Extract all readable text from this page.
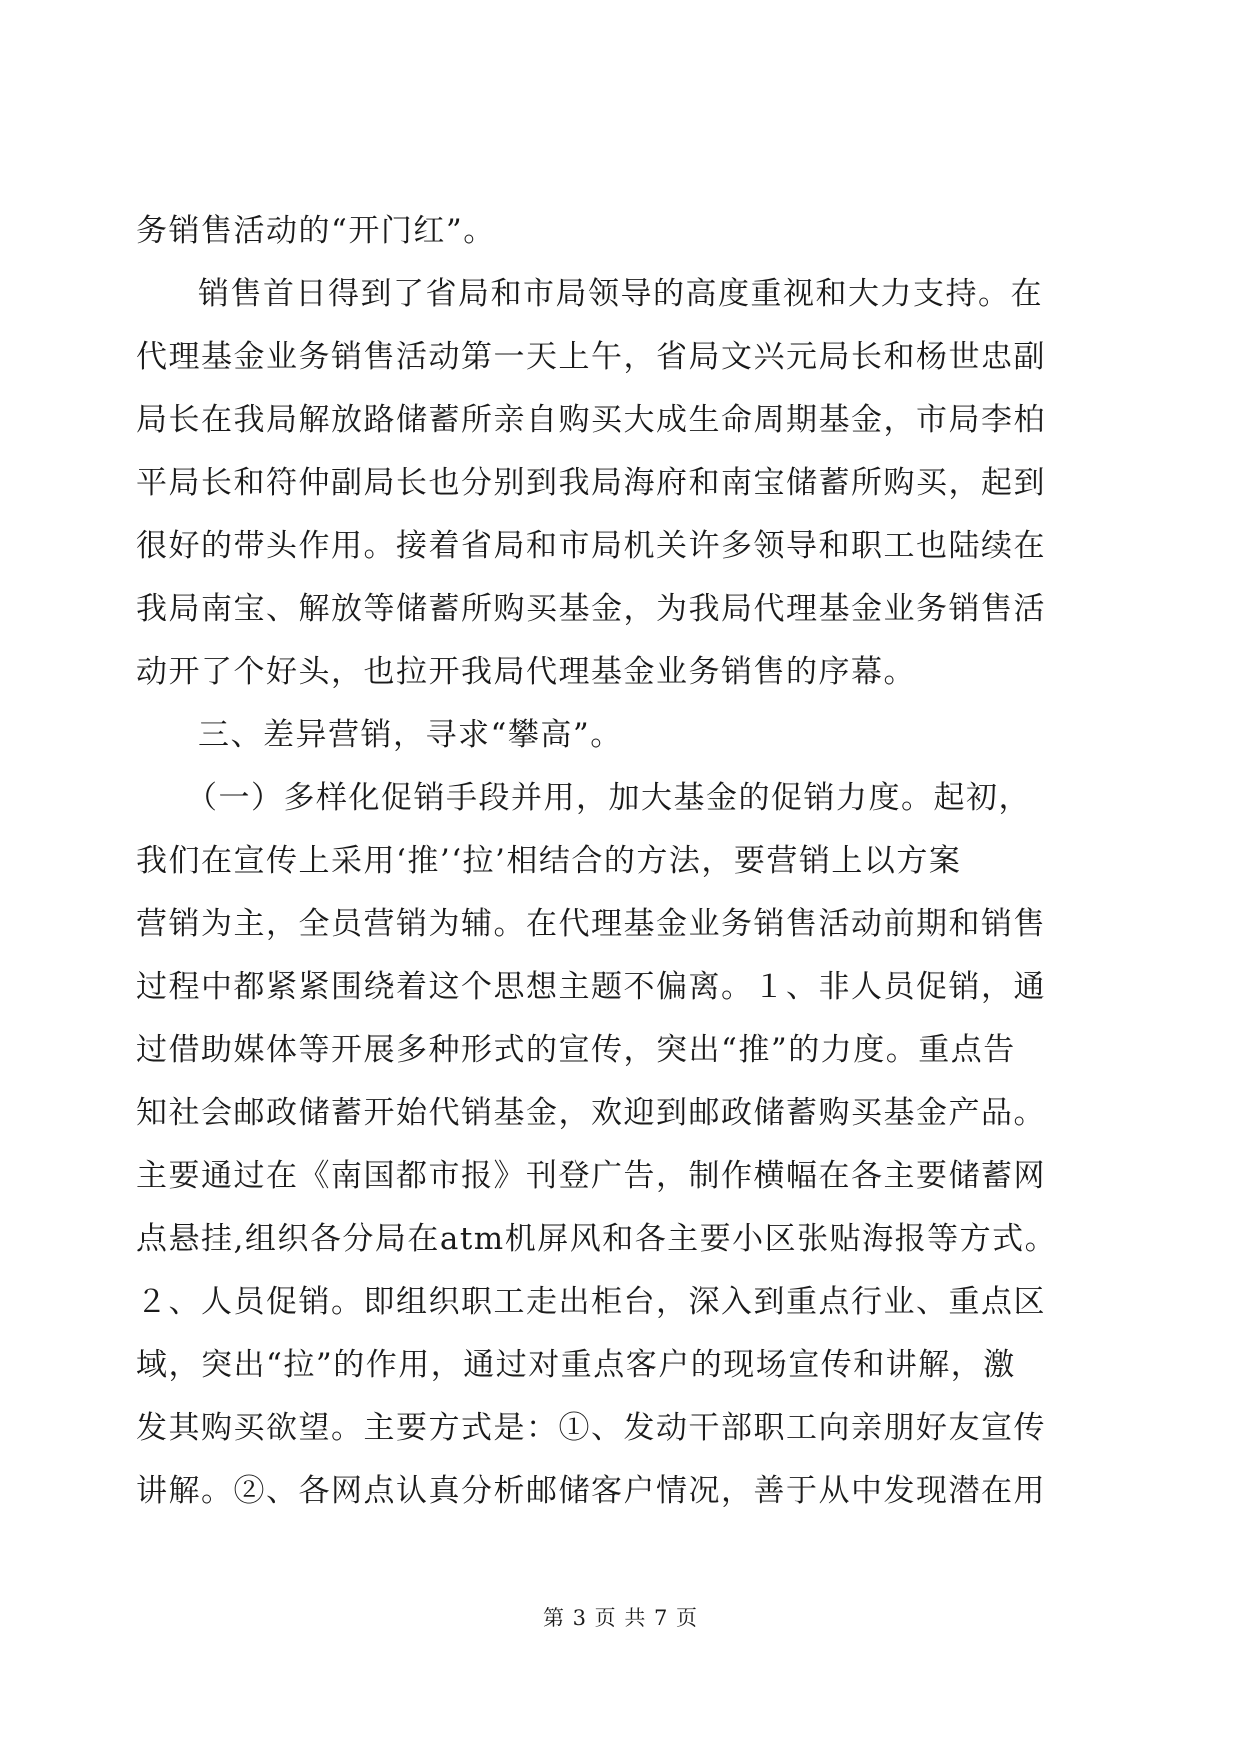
务销售活动的“开门红”。
销售首日得到了省局和市局领导的高度重视和大力支持。在
代理基金业务销售活动第一天上午，省局文兴元局长和杨世忠副
局长在我局解放路储蓄所亲自购买大成生命周期基金，市局李柏
平局长和符仲副局长也分别到我局海府和南宝储蓄所购买，起到
很好的带头作用。接着省局和市局机关许多领导和职工也陆续在
我局南宝、解放等储蓄所购买基金，为我局代理基金业务销售活
动开了个好头，也拉开我局代理基金业务销售的序幕。
三、差异营销，寻求“攀高”。
（一）多样化促销手段并用，加大基金的促销力度。起初，
我们在宣传上采用‘推’‘拉’相结合的方法，要营销上以方案
营销为主，全员营销为辅。在代理基金业务销售活动前期和销售
过程中都紧紧围绕着这个思想主题不偏离。１、非人员促销，通
过借助媒体等开展多种形式的宣传，突出“推”的力度。重点告
知社会邮政储蓄开始代销基金，欢迎到邮政储蓄购买基金产品。
主要通过在《南国都市报》刊登广告，制作横幅在各主要储蓄网
点悬挂,组织各分局在atm机屏风和各主要小区张贴海报等方式。
２、人员促销。即组织职工走出柜台，深入到重点行业、重点区
域，突出“拉”的作用，通过对重点客户的现场宣传和讲解，激
发其购买欲望。主要方式是：①、发动干部职工向亲朋好友宣传
讲解。②、各网点认真分析邮储客户情况，善于从中发现潜在用
第 3 页 共 7 页
